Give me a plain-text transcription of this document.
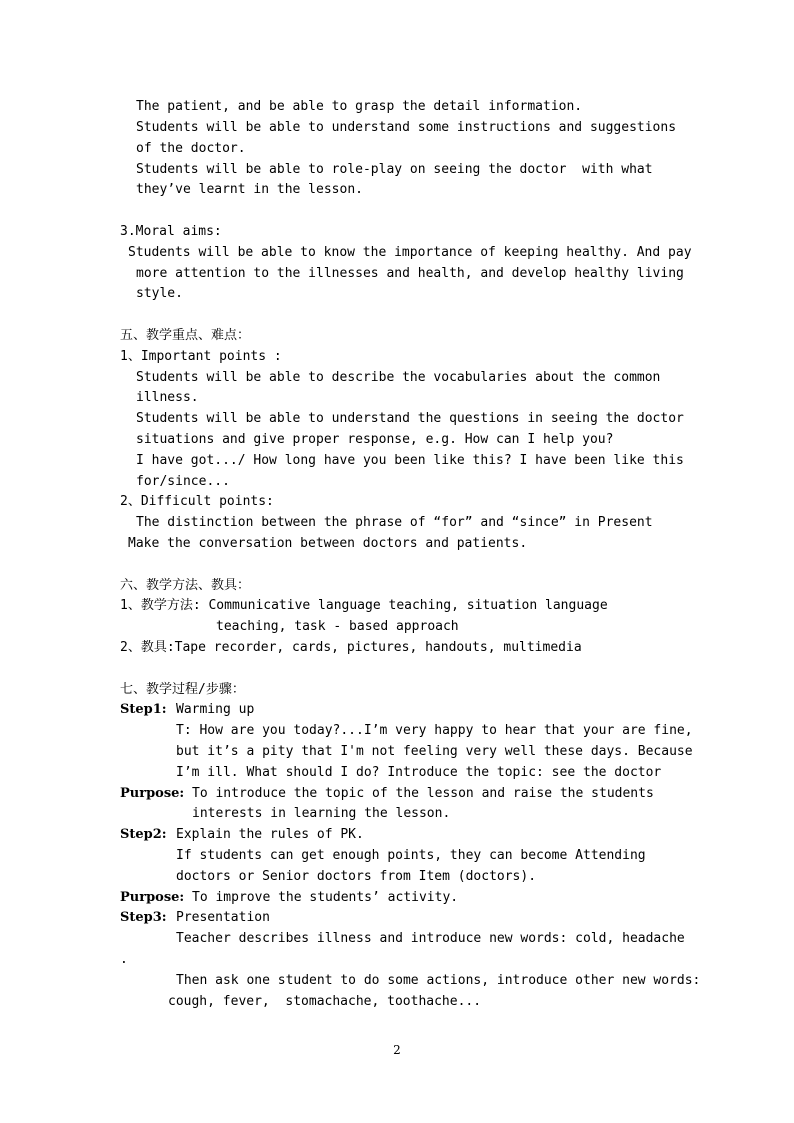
The patient, and be able to grasp the detail information.
Students will be able to understand some instructions and suggestions
of the doctor.
Students will be able to role-play on seeing the doctor  with what
they’ve learnt in the lesson.
3.Moral aims:
Students will be able to know the importance of keeping healthy. And pay
more attention to the illnesses and health, and develop healthy living
style.
五、教学重点、难点：
1、Important points :
Students will be able to describe the vocabularies about the common
illness.
Students will be able to understand the questions in seeing the doctor
situations and give proper response, e.g. How can I help you?
I have got.../ How long have you been like this? I have been like this
for/since...
2、Difficult points:
The distinction between the phrase of “for” and “since” in Present
Make the conversation between doctors and patients.
六、教学方法、教具：
1、教学方法: Communicative language teaching, situation language
teaching, task - based approach
2、教具:Tape recorder, cards, pictures, handouts, multimedia
七、教学过程/步骤：
Step1: Warming up
T: How are you today?...I’m very happy to hear that your are fine,
but it’s a pity that I'm not feeling very well these days. Because
I’m ill. What should I do? Introduce the topic: see the doctor
Purpose: To introduce the topic of the lesson and raise the students
interests in learning the lesson.
Step2: Explain the rules of PK.
If students can get enough points, they can become Attending
doctors or Senior doctors from Item (doctors).
Purpose: To improve the students’ activity.
Step3: Presentation
Teacher describes illness and introduce new words: cold, headache
.
Then ask one student to do some actions, introduce other new words:
cough, fever,  stomachache, toothache...
2
